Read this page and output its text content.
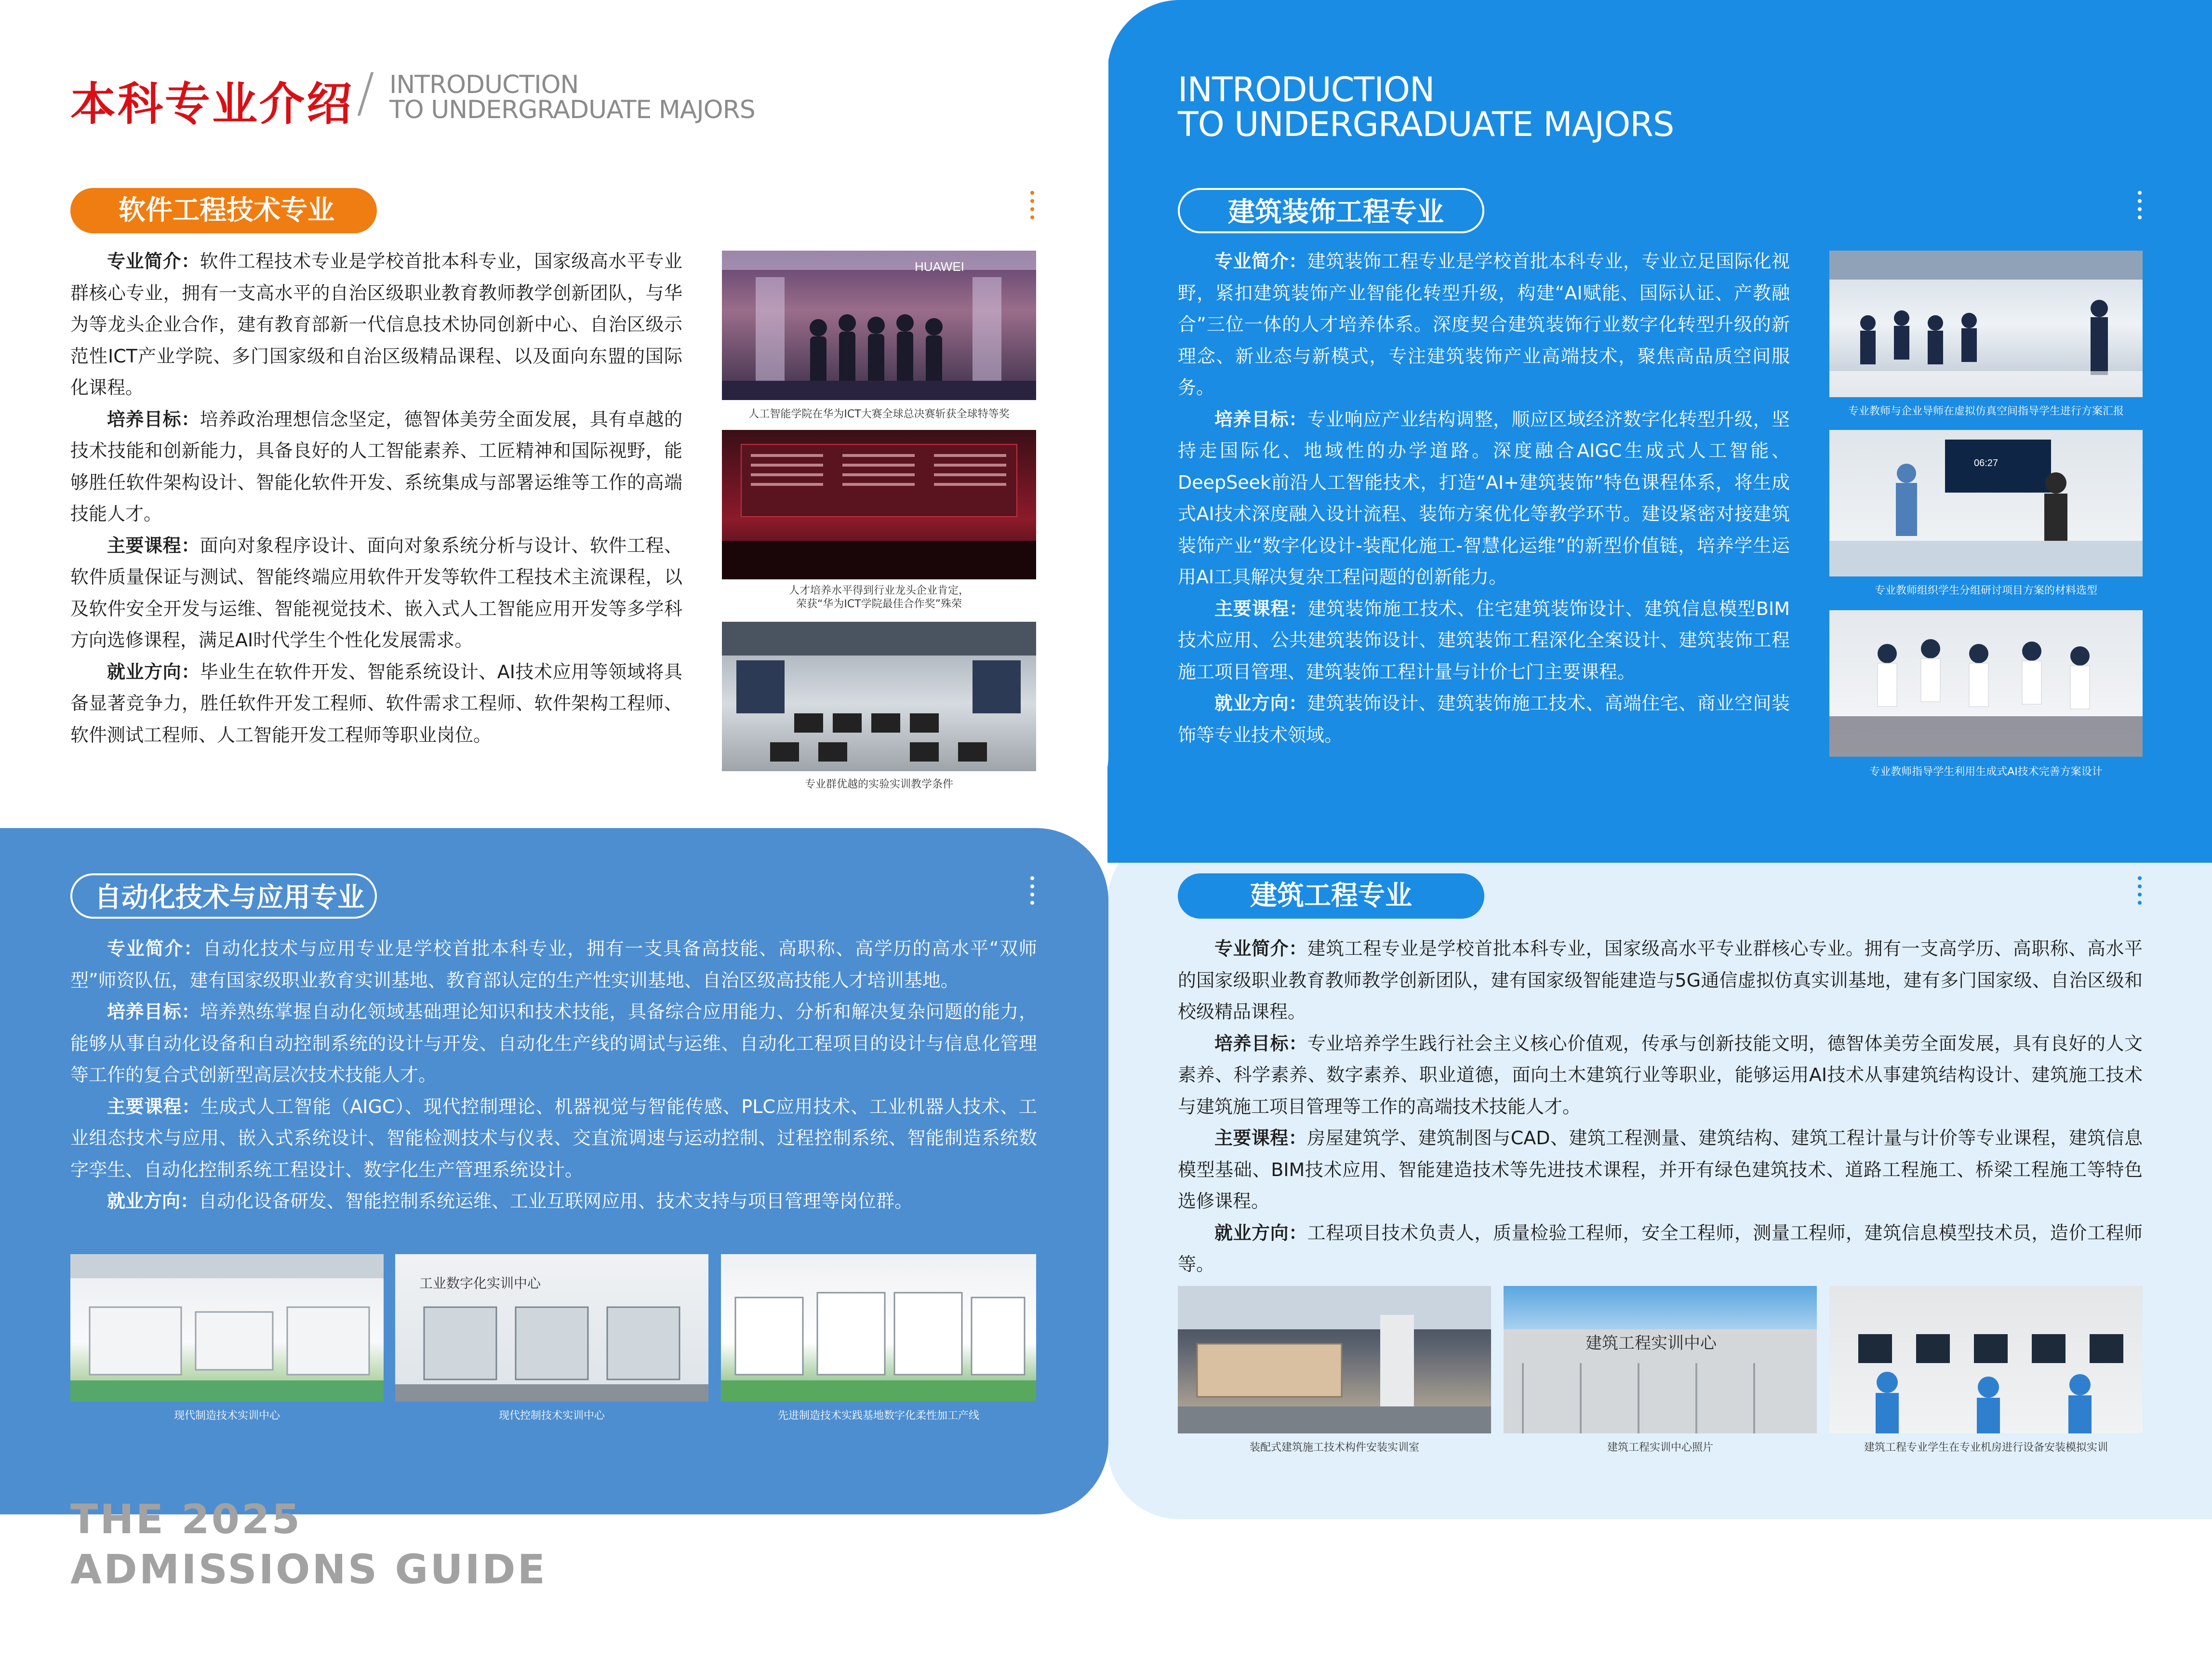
本科专业介绍 / INTRODUCTION
TO UNDERGRADUATE MAJORS
INTRODUCTION
TO UNDERGRADUATE MAJORS
软件工程技术专业

专业简介：软件工程技术专业是学校首批本科专业，国家级高水平专业群核心专业，拥有一支高水平的自治区级职业教育教师教学创新团队，与华为等龙头企业合作，建有教育部新一代信息技术协同创新中心、自治区级示范性ICT产业学院、多门国家级和自治区级精品课程、以及面向东盟的国际化课程。

培养目标：培养政治理想信念坚定，德智体美劳全面发展，具有卓越的技术技能和创新能力，具备良好的人工智能素养、工匠精神和国际视野，能够胜任软件架构设计、智能化软件开发、系统集成与部署运维等工作的高端技能人才。

主要课程：面向对象程序设计、面向对象系统分析与设计、软件工程、软件质量保证与测试、智能终端应用软件开发等软件工程技术主流课程，以及软件安全开发与运维、智能视觉技术、嵌入式人工智能应用开发等多学科方向选修课程，满足AI时代学生个性化发展需求。

就业方向：毕业生在软件开发、智能系统设计、AI技术应用等领域将具备显著竞争力，胜任软件开发工程师、软件需求工程师、软件架构工程师、软件测试工程师、人工智能开发工程师等职业岗位。

HUAWEI
人工智能学院在华为ICT大赛全球总决赛斩获全球特等奖
人才培养水平得到行业龙头企业肯定，
荣获“华为ICT学院最佳合作奖”殊荣
专业群优越的实验实训教学条件
建筑装饰工程专业

专业简介：建筑装饰工程专业是学校首批本科专业，专业立足国际化视野，紧扣建筑装饰产业智能化转型升级，构建“AI赋能、国际认证、产教融合”三位一体的人才培养体系。深度契合建筑装饰行业数字化转型升级的新理念、新业态与新模式，专注建筑装饰产业高端技术，聚焦高品质空间服务。

培养目标：专业响应产业结构调整，顺应区域经济数字化转型升级，坚持走国际化、地域性的办学道路。深度融合AIGC生成式人工智能、DeepSeek前沿人工智能技术，打造“AI+建筑装饰”特色课程体系，将生成式AI技术深度融入设计流程、装饰方案优化等教学环节。建设紧密对接建筑装饰产业“数字化设计-装配化施工-智慧化运维”的新型价值链，培养学生运用AI工具解决复杂工程问题的创新能力。

主要课程：建筑装饰施工技术、住宅建筑装饰设计、建筑信息模型BIM技术应用、公共建筑装饰设计、建筑装饰工程深化全案设计、建筑装饰工程施工项目管理、建筑装饰工程计量与计价七门主要课程。

就业方向：建筑装饰设计、建筑装饰施工技术、高端住宅、商业空间装饰等专业技术领域。

专业教师与企业导师在虚拟仿真空间指导学生进行方案汇报
06:27
专业教师组织学生分组研讨项目方案的材料选型
专业教师指导学生利用生成式AI技术完善方案设计
自动化技术与应用专业

专业简介：自动化技术与应用专业是学校首批本科专业，拥有一支具备高技能、高职称、高学历的高水平“双师型”师资队伍，建有国家级职业教育实训基地、教育部认定的生产性实训基地、自治区级高技能人才培训基地。

培养目标：培养熟练掌握自动化领域基础理论知识和技术技能，具备综合应用能力、分析和解决复杂问题的能力，能够从事自动化设备和自动控制系统的设计与开发、自动化生产线的调试与运维、自动化工程项目的设计与信息化管理等工作的复合式创新型高层次技术技能人才。

主要课程：生成式人工智能（AIGC）、现代控制理论、机器视觉与智能传感、PLC应用技术、工业机器人技术、工业组态技术与应用、嵌入式系统设计、智能检测技术与仪表、交直流调速与运动控制、过程控制系统、智能制造系统数字孪生、自动化控制系统工程设计、数字化生产管理系统设计。

就业方向：自动化设备研发、智能控制系统运维、工业互联网应用、技术支持与项目管理等岗位群。

现代制造技术实训中心
工业数字化实训中心
现代控制技术实训中心	先进制造技术实践基地数字化柔性加工产线
建筑工程专业

专业简介：建筑工程专业是学校首批本科专业，国家级高水平专业群核心专业。拥有一支高学历、高职称、高水平的国家级职业教育教师教学创新团队，建有国家级智能建造与5G通信虚拟仿真实训基地，建有多门国家级、自治区级和校级精品课程。

培养目标：专业培养学生践行社会主义核心价值观，传承与创新技能文明，德智体美劳全面发展，具有良好的人文素养、科学素养、数字素养、职业道德，面向土木建筑行业等职业，能够运用AI技术从事建筑结构设计、建筑施工技术与建筑施工项目管理等工作的高端技术技能人才。

主要课程：房屋建筑学、建筑制图与CAD、建筑工程测量、建筑结构、建筑工程计量与计价等专业课程，建筑信息模型基础、BIM技术应用、智能建造技术等先进技术课程，并开有绿色建筑技术、道路工程施工、桥梁工程施工等特色选修课程。

就业方向：工程项目技术负责人，质量检验工程师，安全工程师，测量工程师，建筑信息模型技术员，造价工程师等。

装配式建筑施工技术构件安装实训室
建筑工程实训中心
建筑工程实训中心照片	建筑工程专业学生在专业机房进行设备安装模拟实训
THE 2025
ADMISSIONS GUIDE
